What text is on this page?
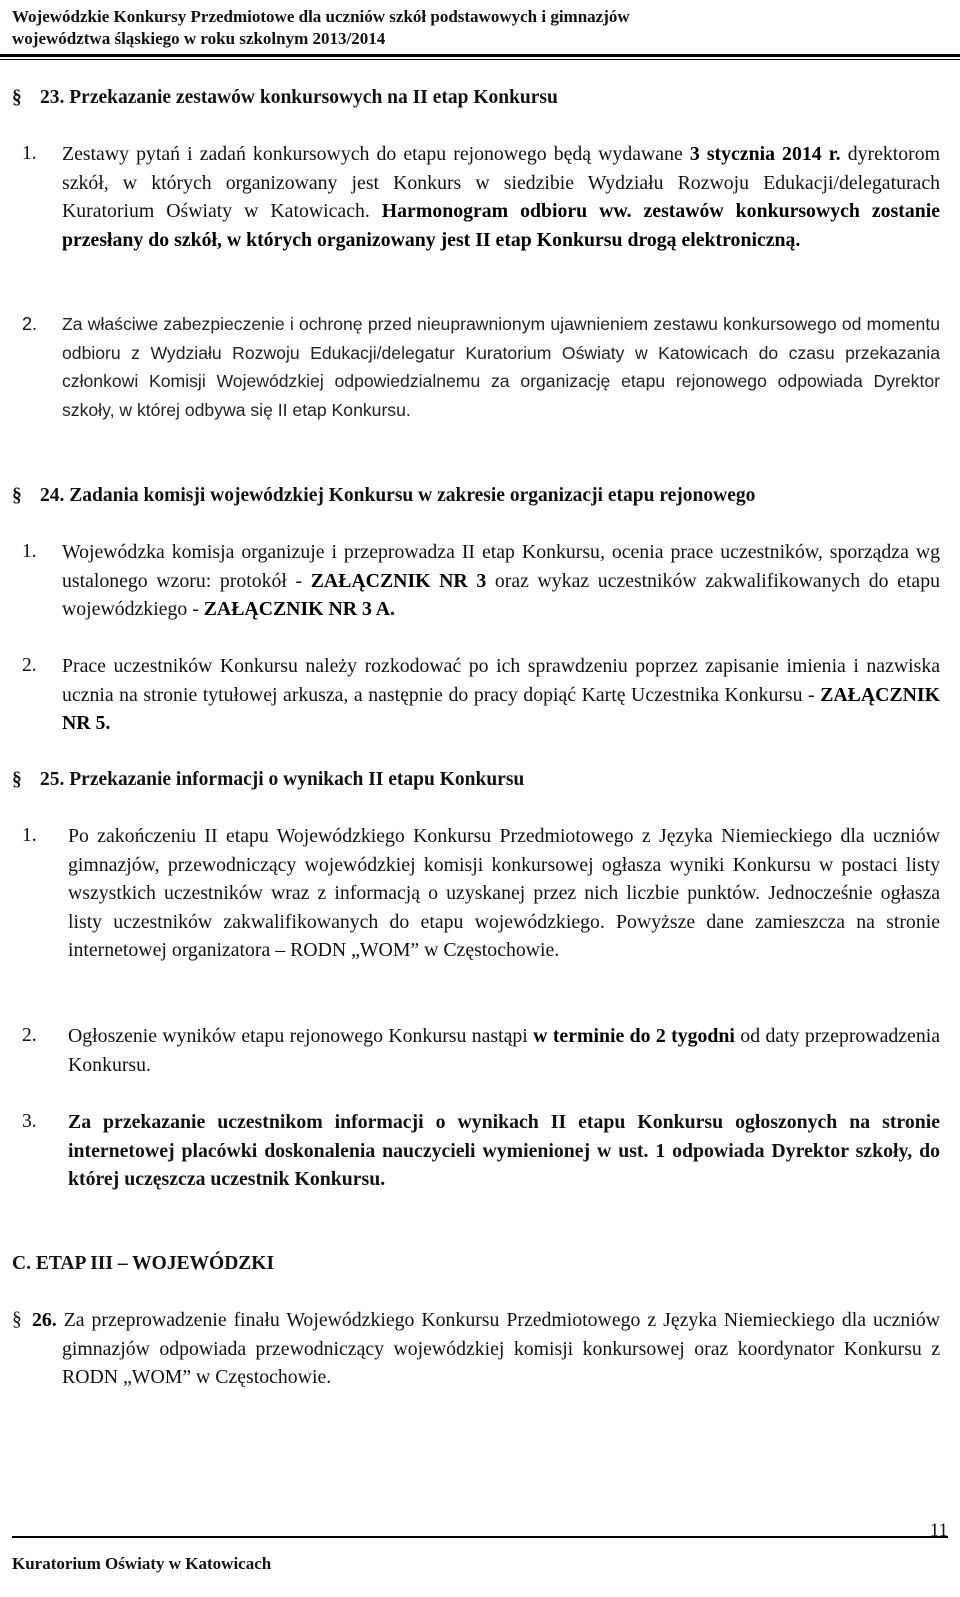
Wojewódzkie Konkursy Przedmiotowe dla uczniów szkół podstawowych i gimnazjów
województwa śląskiego w roku szkolnym 2013/2014
§ 23. Przekazanie zestawów konkursowych na II etap Konkursu
1. Zestawy pytań i zadań konkursowych do etapu rejonowego będą wydawane 3 stycznia 2014 r. dyrektorom szkół, w których organizowany jest Konkurs w siedzibie Wydziału Rozwoju Edukacji/delegaturach Kuratorium Oświaty w Katowicach. Harmonogram odbioru ww. zestawów konkursowych zostanie przesłany do szkół, w których organizowany jest II etap Konkursu drogą elektroniczną.
2. Za właściwe zabezpieczenie i ochronę przed nieuprawnionym ujawnieniem zestawu konkursowego od momentu odbioru z Wydziału Rozwoju Edukacji/delegatur Kuratorium Oświaty w Katowicach do czasu przekazania członkowi Komisji Wojewódzkiej odpowiedzialnemu za organizację etapu rejonowego odpowiada Dyrektor szkoły, w której odbywa się II etap Konkursu.
§ 24. Zadania komisji wojewódzkiej Konkursu w zakresie organizacji etapu rejonowego
1. Wojewódzka komisja organizuje i przeprowadza II etap Konkursu, ocenia prace uczestników, sporządza wg ustalonego wzoru: protokół - ZAŁĄCZNIK NR 3 oraz wykaz uczestników zakwalifikowanych do etapu wojewódzkiego - ZAŁĄCZNIK NR 3 A.
2. Prace uczestników Konkursu należy rozkodować po ich sprawdzeniu poprzez zapisanie imienia i nazwiska ucznia na stronie tytułowej arkusza, a następnie do pracy dopiąć Kartę Uczestnika Konkursu - ZAŁĄCZNIK NR 5.
§ 25. Przekazanie informacji o wynikach II etapu Konkursu
1. Po zakończeniu II etapu Wojewódzkiego Konkursu Przedmiotowego z Języka Niemieckiego dla uczniów gimnazjów, przewodniczący wojewódzkiej komisji konkursowej ogłasza wyniki Konkursu w postaci listy wszystkich uczestników wraz z informacją o uzyskanej przez nich liczbie punktów. Jednocześnie ogłasza listy uczestników zakwalifikowanych do etapu wojewódzkiego. Powyższe dane zamieszcza na stronie internetowej organizatora – RODN „WOM” w Częstochowie.
2. Ogłoszenie wyników etapu rejonowego Konkursu nastąpi w terminie do 2 tygodni od daty przeprowadzenia Konkursu.
3. Za przekazanie uczestnikom informacji o wynikach II etapu Konkursu ogłoszonych na stronie internetowej placówki doskonalenia nauczycieli wymienionej w ust. 1 odpowiada Dyrektor szkoły, do której uczęszcza uczestnik Konkursu.
C. ETAP III – WOJEWÓDZKI
§ 26. Za przeprowadzenie finału Wojewódzkiego Konkursu Przedmiotowego z Języka Niemieckiego dla uczniów gimnazjów odpowiada przewodniczący wojewódzkiej komisji konkursowej oraz koordynator Konkursu z RODN „WOM” w Częstochowie.
11
Kuratorium Oświaty w Katowicach
